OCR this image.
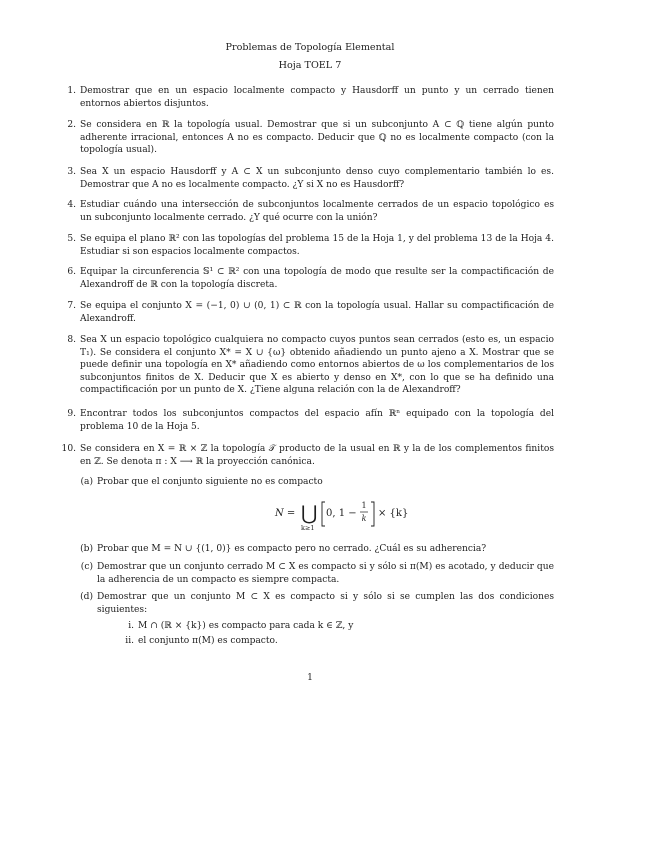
Problemas de Topología Elemental
Hoja TOEL 7
1. Demostrar que en un espacio localmente compacto y Hausdorff un punto y un cerrado tienen entornos abiertos disjuntos.

2. Se considera en ℝ la topología usual. Demostrar que si un subconjunto A ⊂ ℚ tiene algún punto adherente irracional, entonces A no es compacto. Deducir que ℚ no es localmente compacto (con la topología usual).

3. Sea X un espacio Hausdorff y A ⊂ X un subconjunto denso cuyo complementario también lo es. Demostrar que A no es localmente compacto. ¿Y si X no es Hausdorff?

4. Estudiar cuándo una intersección de subconjuntos localmente cerrados de un espacio topológico es un subconjunto localmente cerrado. ¿Y qué ocurre con la unión?

5. Se equipa el plano ℝ² con las topologías del problema 15 de la Hoja 1, y del problema 13 de la Hoja 4. Estudiar si son espacios localmente compactos.

6. Equipar la circunferencia 𝕊¹ ⊂ ℝ² con una topología de modo que resulte ser la compactificación de Alexandroff de ℝ con la topología discreta.

7. Se equipa el conjunto X = (−1, 0) ∪ (0, 1) ⊂ ℝ con la topología usual. Hallar su compactificación de Alexandroff.

8. Sea X un espacio topológico cualquiera no compacto cuyos puntos sean cerrados (esto es, un espacio T₁). Se considera el conjunto X* = X ∪ {ω} obtenido añadiendo un punto ajeno a X. Mostrar que se puede definir una topología en X* añadiendo como entornos abiertos de ω los complementarios de los subconjuntos finitos de X. Deducir que X es abierto y denso en X*, con lo que se ha definido una compactificación por un punto de X. ¿Tiene alguna relación con la de Alexandroff?

9. Encontrar todos los subconjuntos compactos del espacio afín ℝⁿ equipado con la topología del problema 10 de la Hoja 5.

10. Se considera en X = ℝ × ℤ la topología 𝒯 producto de la usual en ℝ y la de los complementos finitos en ℤ. Se denota π : X ⟶ ℝ la proyección canónica.

(a) Probar que el conjunto siguiente no es compacto

N = ⋃
k≥1
0, 1 −
1
k × {k}
(b) Probar que M = N ∪ {(1, 0)} es compacto pero no cerrado. ¿Cuál es su adherencia?

(c) Demostrar que un conjunto cerrado M ⊂ X es compacto si y sólo si π(M) es acotado, y deducir que la adherencia de un compacto es siempre compacta.

(d) Demostrar que un conjunto M ⊂ X es compacto si y sólo si se cumplen las dos condiciones siguientes:

i. M ∩ (ℝ × {k}) es compacto para cada k ∈ ℤ, y

ii. el conjunto π(M) es compacto.

1
